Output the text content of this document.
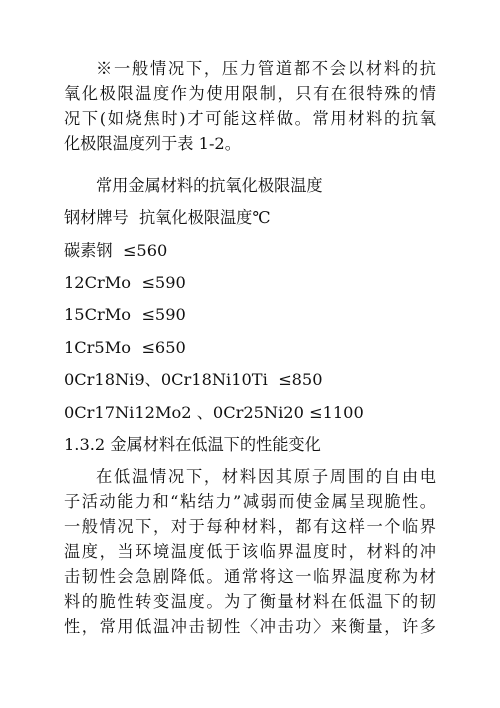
※一般情况下，压力管道都不会以材料的抗
氧化极限温度作为使用限制，只有在很特殊的情
况下(如烧焦时)才可能这样做。常用材料的抗氧
化极限温度列于表 1-2。
常用金属材料的抗氧化极限温度
钢材牌号  抗氧化极限温度℃
碳素钢  ≤560
12CrMo  ≤590
15CrMo  ≤590
1Cr5Mo  ≤650
0Cr18Ni9、0Cr18Ni10Ti  ≤850
0Cr17Ni12Mo2 、0Cr25Ni20 ≤1100
1.3.2 金属材料在低温下的性能变化
在低温情况下，材料因其原子周围的自由电
子活动能力和“粘结力”减弱而使金属呈现脆性。
一般情况下，对于每种材料，都有这样一个临界
温度，当环境温度低于该临界温度时，材料的冲
击韧性会急剧降低。通常将这一临界温度称为材
料的脆性转变温度。为了衡量材料在低温下的韧
性，常用低温冲击韧性〈冲击功〉来衡量，许多
